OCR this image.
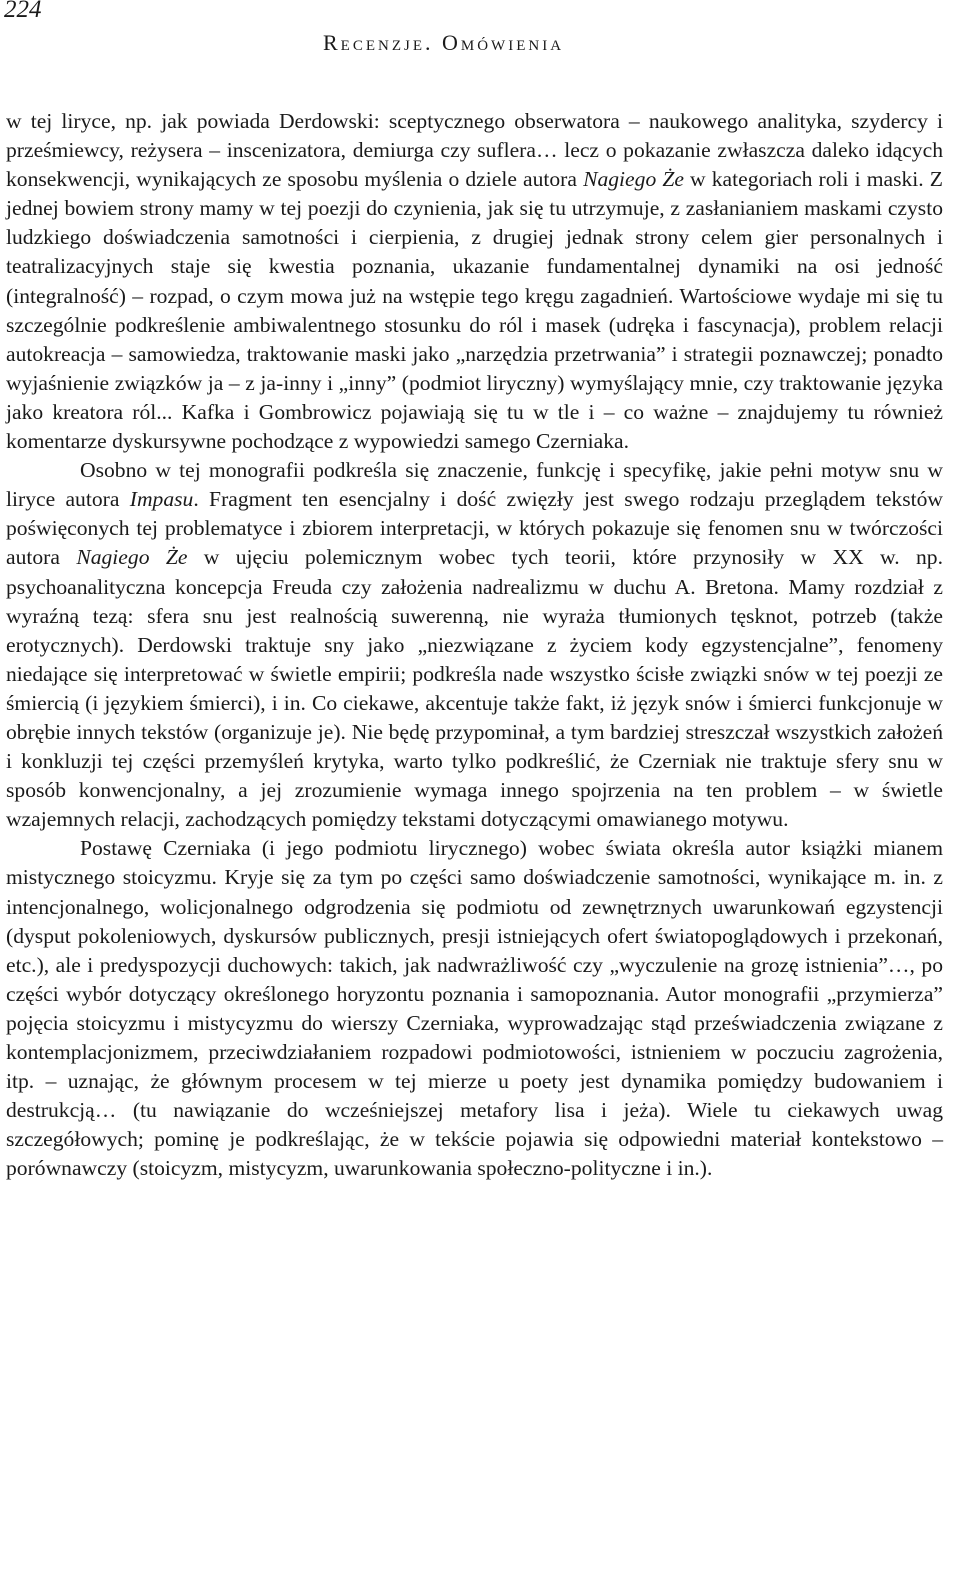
224
Recenzje. Omówienia

w tej liryce, np. jak powiada Derdowski: sceptycznego obserwatora – naukowego analityka, szydercy i prześmiewcy, reżysera – inscenizatora, demiurga czy suflera… lecz o pokazanie zwłaszcza daleko idących konsekwencji, wynikających ze sposobu myślenia o dziele autora Nagiego Że w kategoriach roli i maski. Z jednej bowiem strony mamy w tej poezji do czynienia, jak się tu utrzymuje, z zasłanianiem maskami czysto ludzkiego doświadczenia samotności i cierpienia, z drugiej jednak strony celem gier personalnych i teatralizacyjnych staje się kwestia poznania, ukazanie fundamentalnej dynamiki na osi jedność (integralność) – rozpad, o czym mowa już na wstępie tego kręgu zagadnień. Wartościowe wydaje mi się tu szczególnie podkreślenie ambiwalentnego stosunku do ról i masek (udręka i fascynacja), problem relacji autokreacja – samowiedza, traktowanie maski jako „narzędzia przetrwania” i strategii poznawczej; ponadto wyjaśnienie związków ja – z ja-inny i „inny” (podmiot liryczny) wymyślający mnie, czy traktowanie języka jako kreatora ról... Kafka i Gombrowicz pojawiają się tu w tle i – co ważne – znajdujemy tu również komentarze dyskursywne pochodzące z wypowiedzi samego Czerniaka.

Osobno w tej monografii podkreśla się znaczenie, funkcję i specyfikę, jakie pełni motyw snu w liryce autora Impasu. Fragment ten esencjalny i dość zwięzły jest swego rodzaju przeglądem tekstów poświęconych tej problematyce i zbiorem interpretacji, w których pokazuje się fenomen snu w twórczości autora Nagiego Że w ujęciu polemicznym wobec tych teorii, które przynosiły w XX w. np. psychoanalityczna koncepcja Freuda czy założenia nadrealizmu w duchu A. Bretona. Mamy rozdział z wyraźną tezą: sfera snu jest realnością suwerenną, nie wyraża tłumionych tęsknot, potrzeb (także erotycznych). Derdowski traktuje sny jako „niezwiązane z życiem kody egzystencjalne”, fenomeny niedające się interpretować w świetle empirii; podkreśla nade wszystko ścisłe związki snów w tej poezji ze śmiercią (i językiem śmierci), i in. Co ciekawe, akcentuje także fakt, iż język snów i śmierci funkcjonuje w obrębie innych tekstów (organizuje je). Nie będę przypominał, a tym bardziej streszczał wszystkich założeń i konkluzji tej części przemyśleń krytyka, warto tylko podkreślić, że Czerniak nie traktuje sfery snu w sposób konwencjonalny, a jej zrozumienie wymaga innego spojrzenia na ten problem – w świetle wzajemnych relacji, zachodzących pomiędzy tekstami dotyczącymi omawianego motywu.

Postawę Czerniaka (i jego podmiotu lirycznego) wobec świata określa autor książki mianem mistycznego stoicyzmu. Kryje się za tym po części samo doświadczenie samotności, wynikające m. in. z intencjonalnego, wolicjonalnego odgrodzenia się podmiotu od zewnętrznych uwarunkowań egzystencji (dysput pokoleniowych, dyskursów publicznych, presji istniejących ofert światopoglądowych i przekonań, etc.), ale i predyspozycji duchowych: takich, jak nadwrażliwość czy „wyczulenie na grozę istnienia”…, po części wybór dotyczący określonego horyzontu poznania i samopoznania. Autor monografii „przymierza” pojęcia stoicyzmu i mistycyzmu do wierszy Czerniaka, wyprowadzając stąd przeświadczenia związane z kontemplacjonizmem, przeciwdziałaniem rozpadowi podmiotowości, istnieniem w poczuciu zagrożenia, itp. – uznając, że głównym procesem w tej mierze u poety jest dynamika pomiędzy budowaniem i destrukcją… (tu nawiązanie do wcześniejszej metafory lisa i jeża). Wiele tu ciekawych uwag szczegółowych; pominę je podkreślając, że w tekście pojawia się odpowiedni materiał kontekstowo – porównawczy (stoicyzm, mistycyzm, uwarunkowania społeczno-polityczne i in.).
